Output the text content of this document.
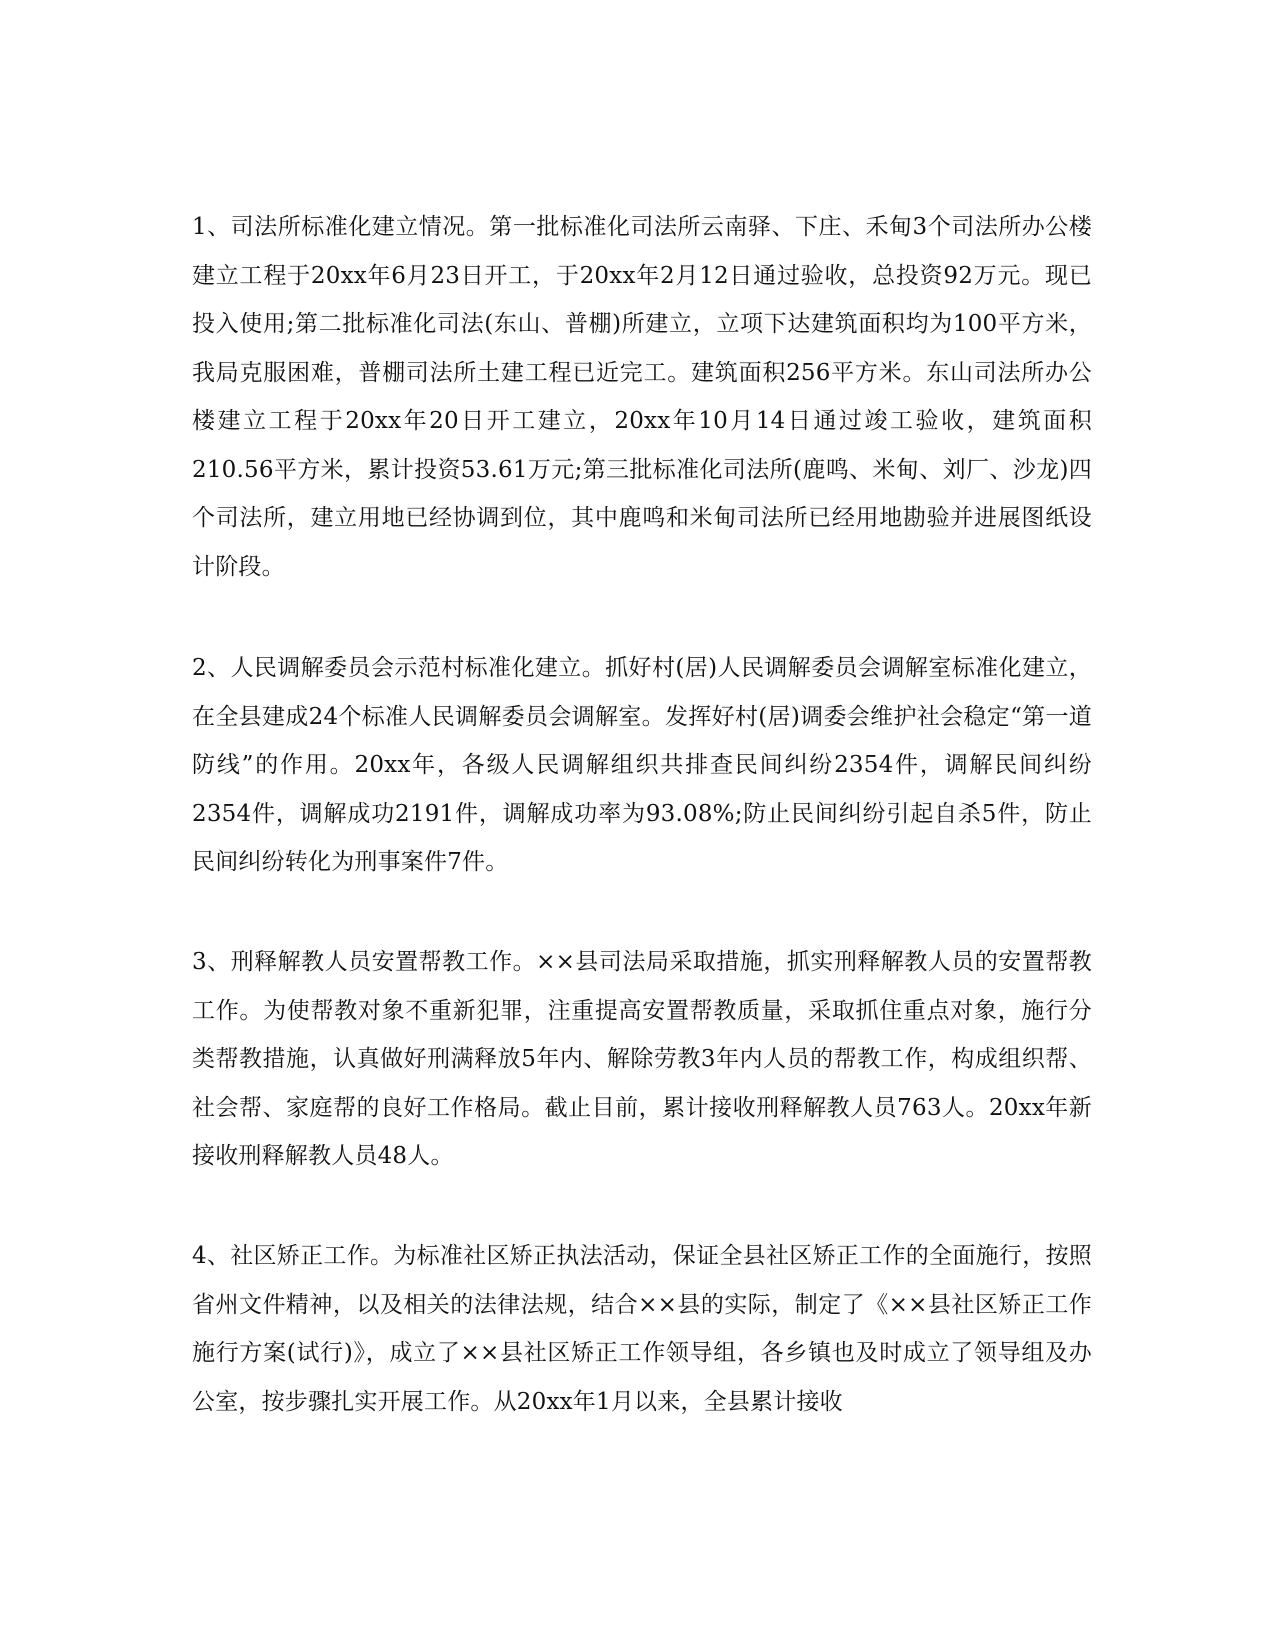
1、司法所标准化建立情况。第一批标准化司法所云南驿、下庄、禾甸3个司法所办公楼建立工程于20xx年6月23日开工，于20xx年2月12日通过验收，总投资92万元。现已投入使用;第二批标准化司法(东山、普棚)所建立，立项下达建筑面积均为100平方米，我局克服困难，普棚司法所土建工程已近完工。建筑面积256平方米。东山司法所办公楼建立工程于20xx年20日开工建立，20xx年10月14日通过竣工验收，建筑面积210.56平方米，累计投资53.61万元;第三批标准化司法所(鹿鸣、米甸、刘厂、沙龙)四个司法所，建立用地已经协调到位，其中鹿鸣和米甸司法所已经用地勘验并进展图纸设计阶段。

2、人民调解委员会示范村标准化建立。抓好村(居)人民调解委员会调解室标准化建立，在全县建成24个标准人民调解委员会调解室。发挥好村(居)调委会维护社会稳定“第一道防线”的作用。20xx年，各级人民调解组织共排查民间纠纷2354件，调解民间纠纷2354件，调解成功2191件，调解成功率为93.08%;防止民间纠纷引起自杀5件，防止民间纠纷转化为刑事案件7件。

3、刑释解教人员安置帮教工作。××县司法局采取措施，抓实刑释解教人员的安置帮教工作。为使帮教对象不重新犯罪，注重提高安置帮教质量，采取抓住重点对象，施行分类帮教措施，认真做好刑满释放5年内、解除劳教3年内人员的帮教工作，构成组织帮、社会帮、家庭帮的良好工作格局。截止目前，累计接收刑释解教人员763人。20xx年新接收刑释解教人员48人。

4、社区矫正工作。为标准社区矫正执法活动，保证全县社区矫正工作的全面施行，按照省州文件精神，以及相关的法律法规，结合××县的实际，制定了《××县社区矫正工作施行方案(试行)》，成立了××县社区矫正工作领导组，各乡镇也及时成立了领导组及办公室，按步骤扎实开展工作。从20xx年1月以来，全县累计接收
